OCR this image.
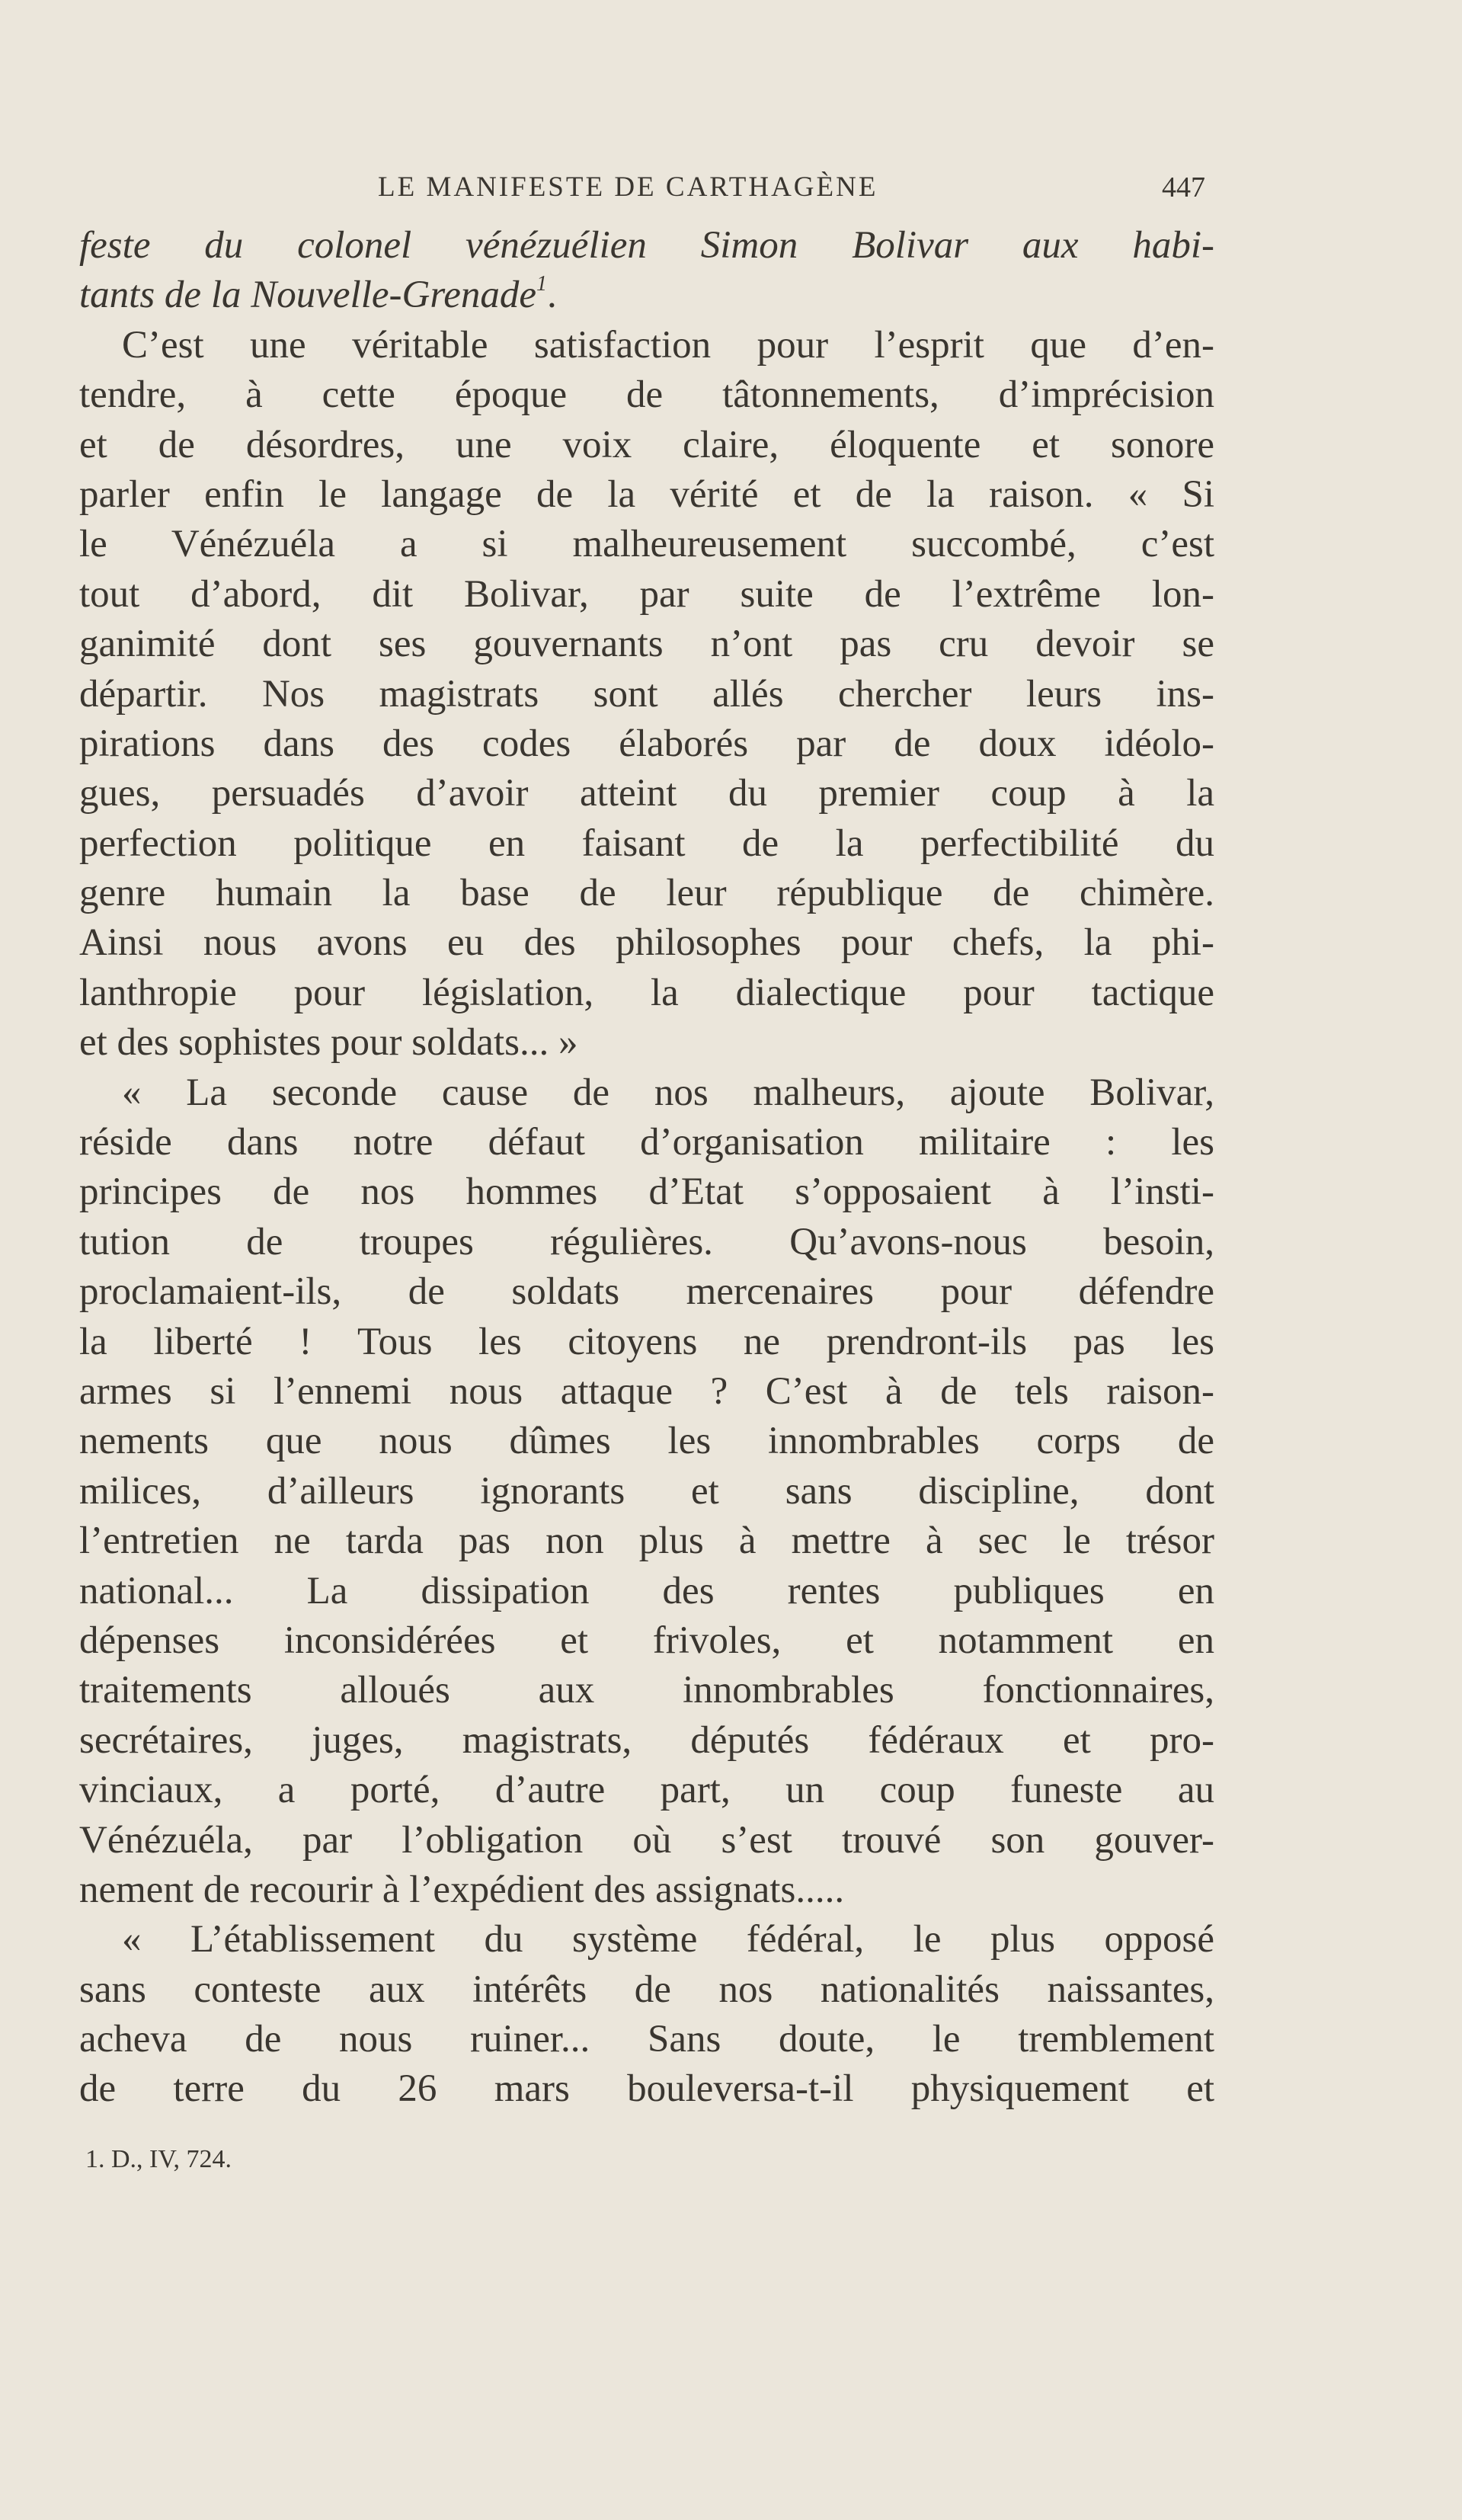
LE MANIFESTE DE CARTHAGÈNE	447
feste du colonel vénézuélien Simon Bolivar aux habi-
tants de la Nouvelle-Grenade$^1$.
C’est une véritable satisfaction pour l’esprit que d’en-
tendre, à cette époque de tâtonnements, d’imprécision
et de désordres, une voix claire, éloquente et sonore
parler enfin le langage de la vérité et de la raison. « Si
le Vénézuéla a si malheureusement succombé, c’est
tout d’abord, dit Bolivar, par suite de l’extrême lon-
ganimité dont ses gouvernants n’ont pas cru devoir se
départir. Nos magistrats sont allés chercher leurs ins-
pirations dans des codes élaborés par de doux idéolo-
gues, persuadés d’avoir atteint du premier coup à la
perfection politique en faisant de la perfectibilité du
genre humain la base de leur république de chimère.
Ainsi nous avons eu des philosophes pour chefs, la phi-
lanthropie pour législation, la dialectique pour tactique
et des sophistes pour soldats... »
« La seconde cause de nos malheurs, ajoute Bolivar,
réside dans notre défaut d’organisation militaire : les
principes de nos hommes d’Etat s’opposaient à l’insti-
tution de troupes régulières. Qu’avons-nous besoin,
proclamaient-ils, de soldats mercenaires pour défendre
la liberté ! Tous les citoyens ne prendront-ils pas les
armes si l’ennemi nous attaque ? C’est à de tels raison-
nements que nous dûmes les innombrables corps de
milices, d’ailleurs ignorants et sans discipline, dont
l’entretien ne tarda pas non plus à mettre à sec le trésor
national... La dissipation des rentes publiques en
dépenses inconsidérées et frivoles, et notamment en
traitements alloués aux innombrables fonctionnaires,
secrétaires, juges, magistrats, députés fédéraux et pro-
vinciaux, a porté, d’autre part, un coup funeste au
Vénézuéla, par l’obligation où s’est trouvé son gouver-
nement de recourir à l’expédient des assignats.....
« L’établissement du système fédéral, le plus opposé
sans conteste aux intérêts de nos nationalités naissantes,
acheva de nous ruiner... Sans doute, le tremblement
de terre du 26 mars bouleversa-t-il physiquement et
1. D., IV, 724.
